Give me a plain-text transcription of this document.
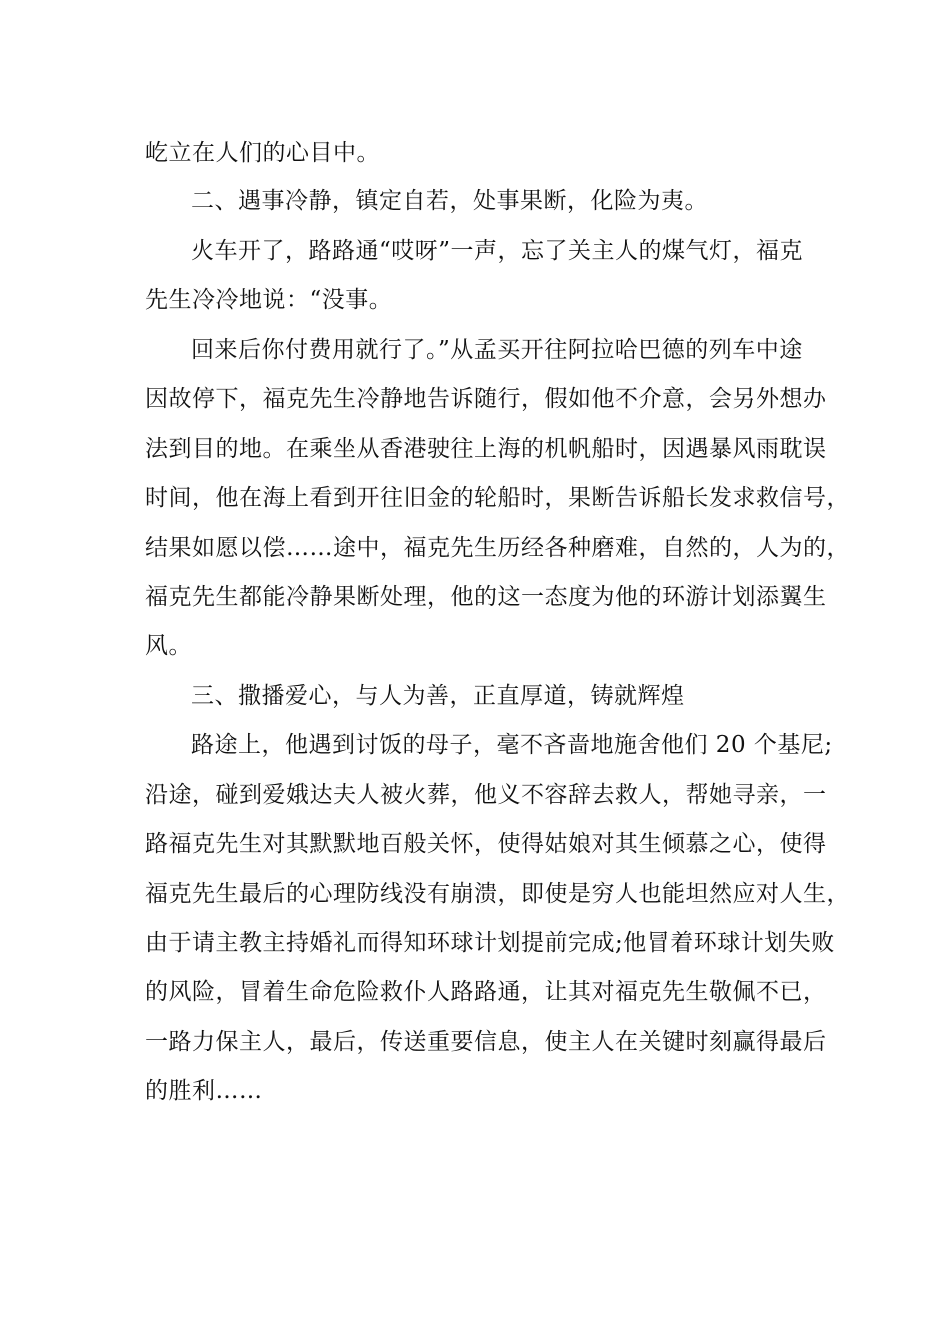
屹立在人们的心目中。
二、遇事冷静，镇定自若，处事果断，化险为夷。
火车开了，路路通“哎呀”一声，忘了关主人的煤气灯，福克
先生冷冷地说：“没事。
回来后你付费用就行了。”从孟买开往阿拉哈巴德的列车中途
因故停下，福克先生冷静地告诉随行，假如他不介意，会另外想办
法到目的地。在乘坐从香港驶往上海的机帆船时，因遇暴风雨耽误
时间，他在海上看到开往旧金的轮船时，果断告诉船长发求救信号，
结果如愿以偿……途中，福克先生历经各种磨难，自然的，人为的，
福克先生都能冷静果断处理，他的这一态度为他的环游计划添翼生
风。
三、撒播爱心，与人为善，正直厚道，铸就辉煌
路途上，他遇到讨饭的母子，毫不吝啬地施舍他们 20 个基尼;
沿途，碰到爱娥达夫人被火葬，他义不容辞去救人，帮她寻亲，一
路福克先生对其默默地百般关怀，使得姑娘对其生倾慕之心，使得
福克先生最后的心理防线没有崩溃，即使是穷人也能坦然应对人生，
由于请主教主持婚礼而得知环球计划提前完成;他冒着环球计划失败
的风险，冒着生命危险救仆人路路通，让其对福克先生敬佩不已，
一路力保主人，最后，传送重要信息，使主人在关键时刻赢得最后
的胜利……
